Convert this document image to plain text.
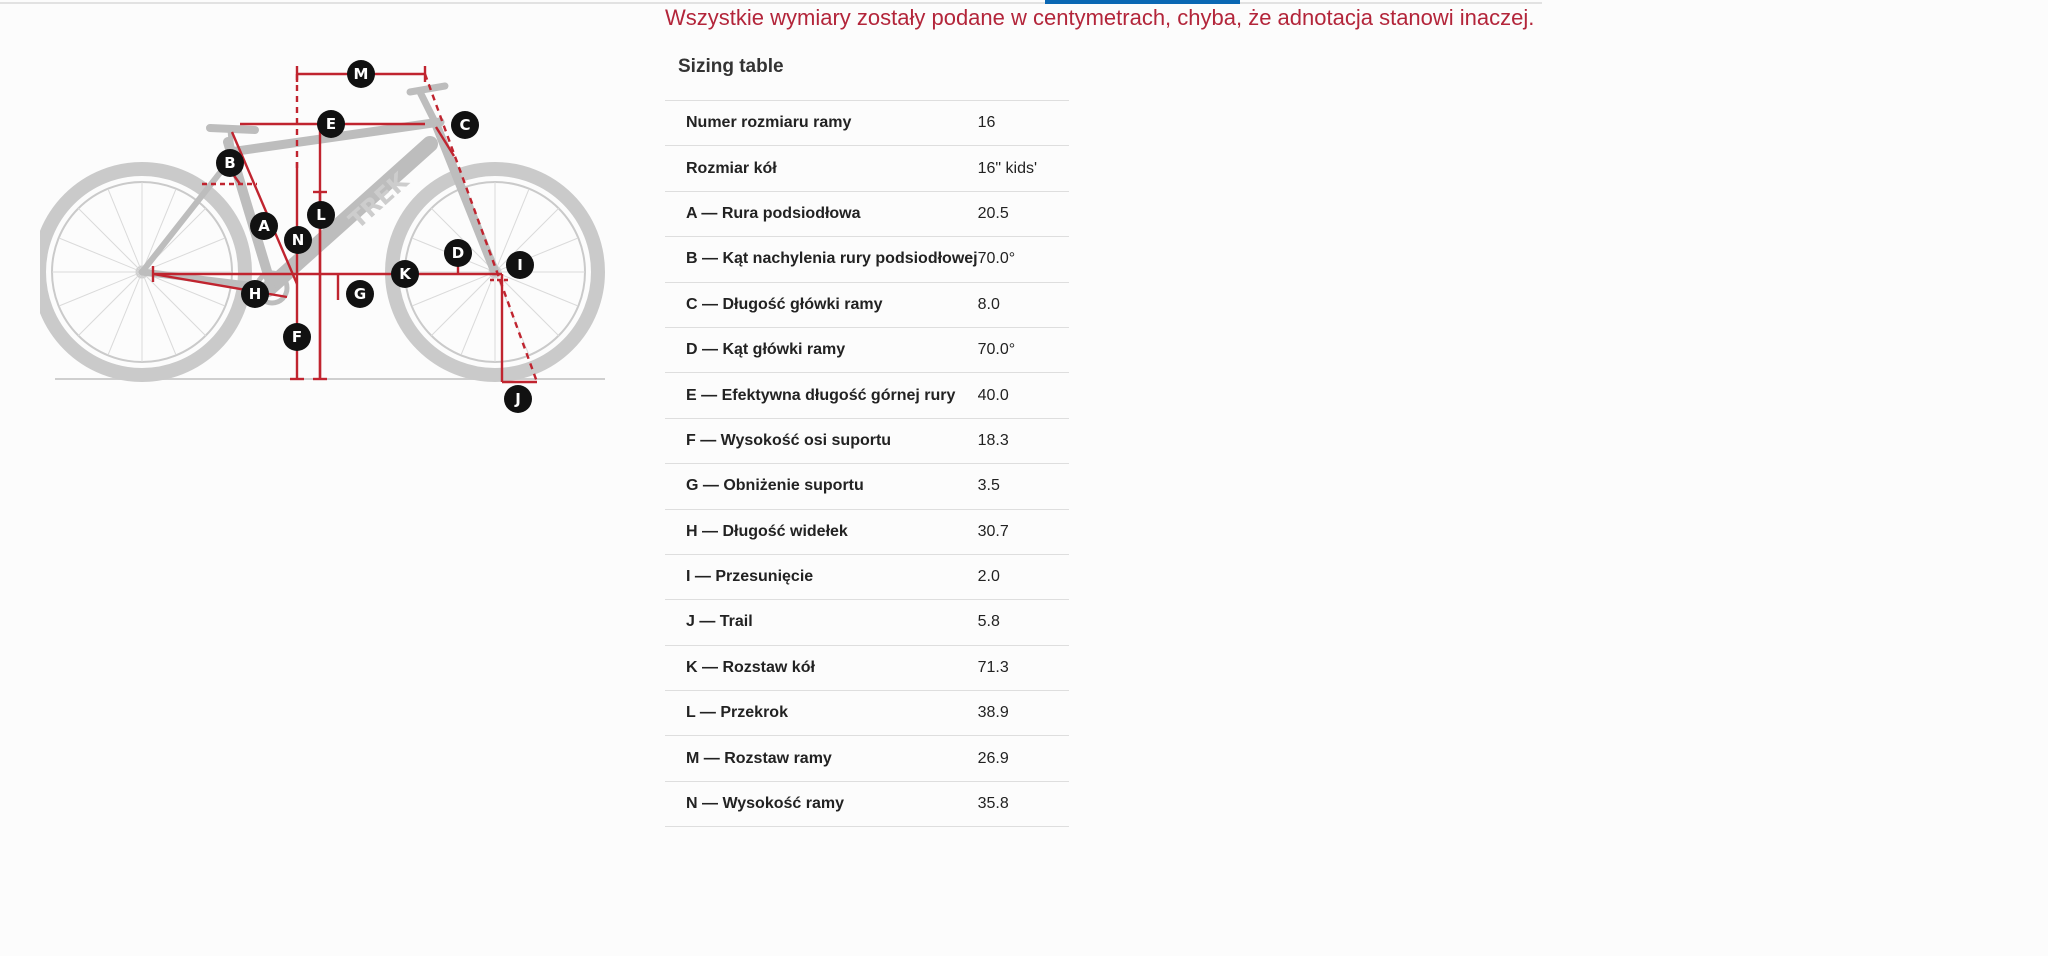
Wszystkie wymiary zostały podane w centymetrach, chyba, że adnotacja stanowi inaczej.
TREK
M
E	C
B
L
A
N
D
I
H
K
G
F
J
Sizing table
Numer rozmiaru ramy	16
Rozmiar kół	16" kids'
A — Rura podsiodłowa	20.5
B — Kąt nachylenia rury podsiodłowej	70.0°
C — Długość główki ramy	8.0
D — Kąt główki ramy	70.0°
E — Efektywna długość górnej rury	40.0
F — Wysokość osi suportu	18.3
G — Obniżenie suportu	3.5
H — Długość widełek	30.7
I — Przesunięcie	2.0
J — Trail	5.8
K — Rozstaw kół	71.3
L — Przekrok	38.9
M — Rozstaw ramy	26.9
N — Wysokość ramy	35.8
